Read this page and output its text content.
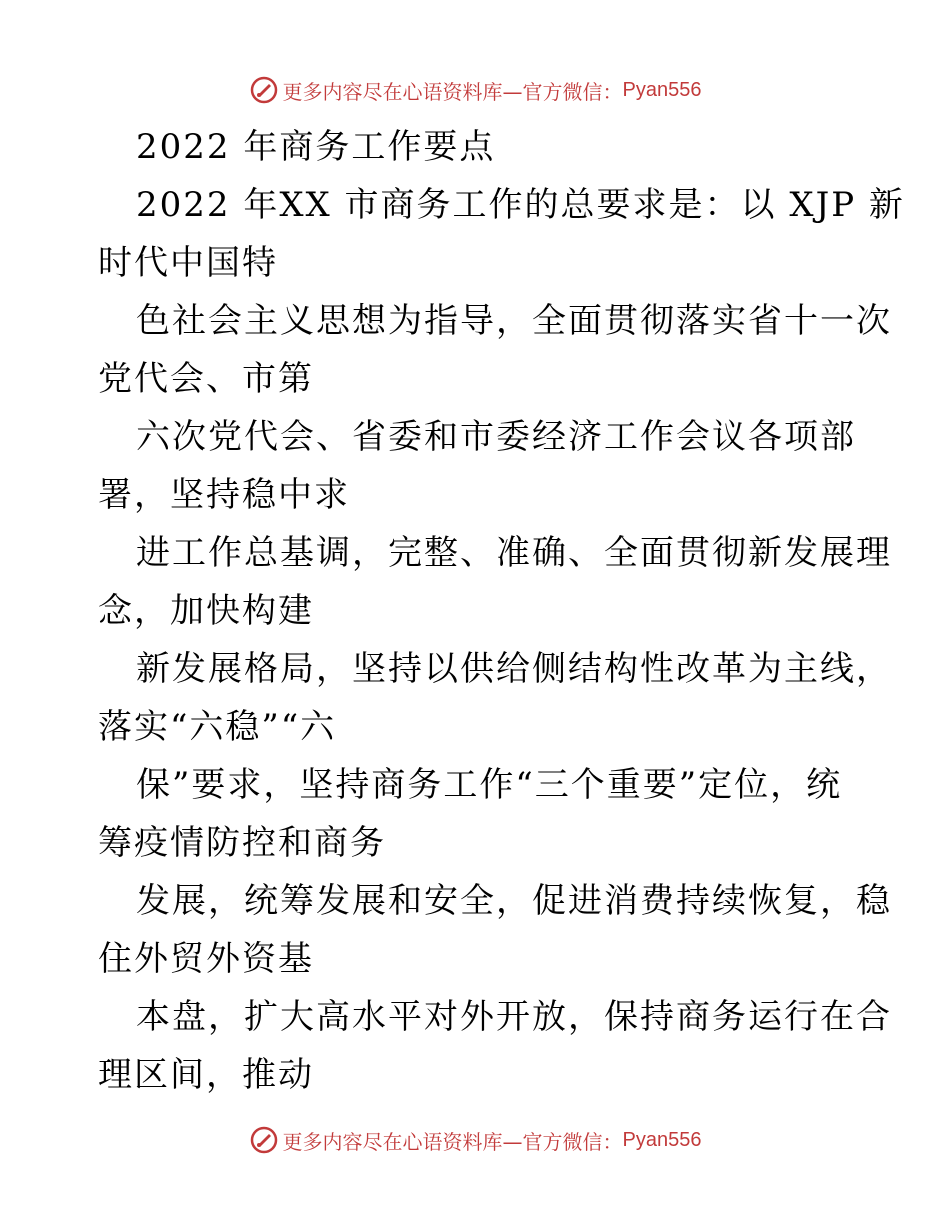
更多内容尽在心语资料库—官方微信： Pyan556
2022 年商务工作要点
2022 年XX 市商务工作的总要求是：以 XJP 新
时代中国特
色社会主义思想为指导，全面贯彻落实省十一次
党代会、市第
六次党代会、省委和市委经济工作会议各项部
署，坚持稳中求
进工作总基调，完整、准确、全面贯彻新发展理
念，加快构建
新发展格局，坚持以供给侧结构性改革为主线，
落实“六稳”“六
保”要求，坚持商务工作“三个重要”定位，统
筹疫情防控和商务
发展，统筹发展和安全，促进消费持续恢复，稳
住外贸外资基
本盘，扩大高水平对外开放，保持商务运行在合
理区间，推动
更多内容尽在心语资料库—官方微信： Pyan556
